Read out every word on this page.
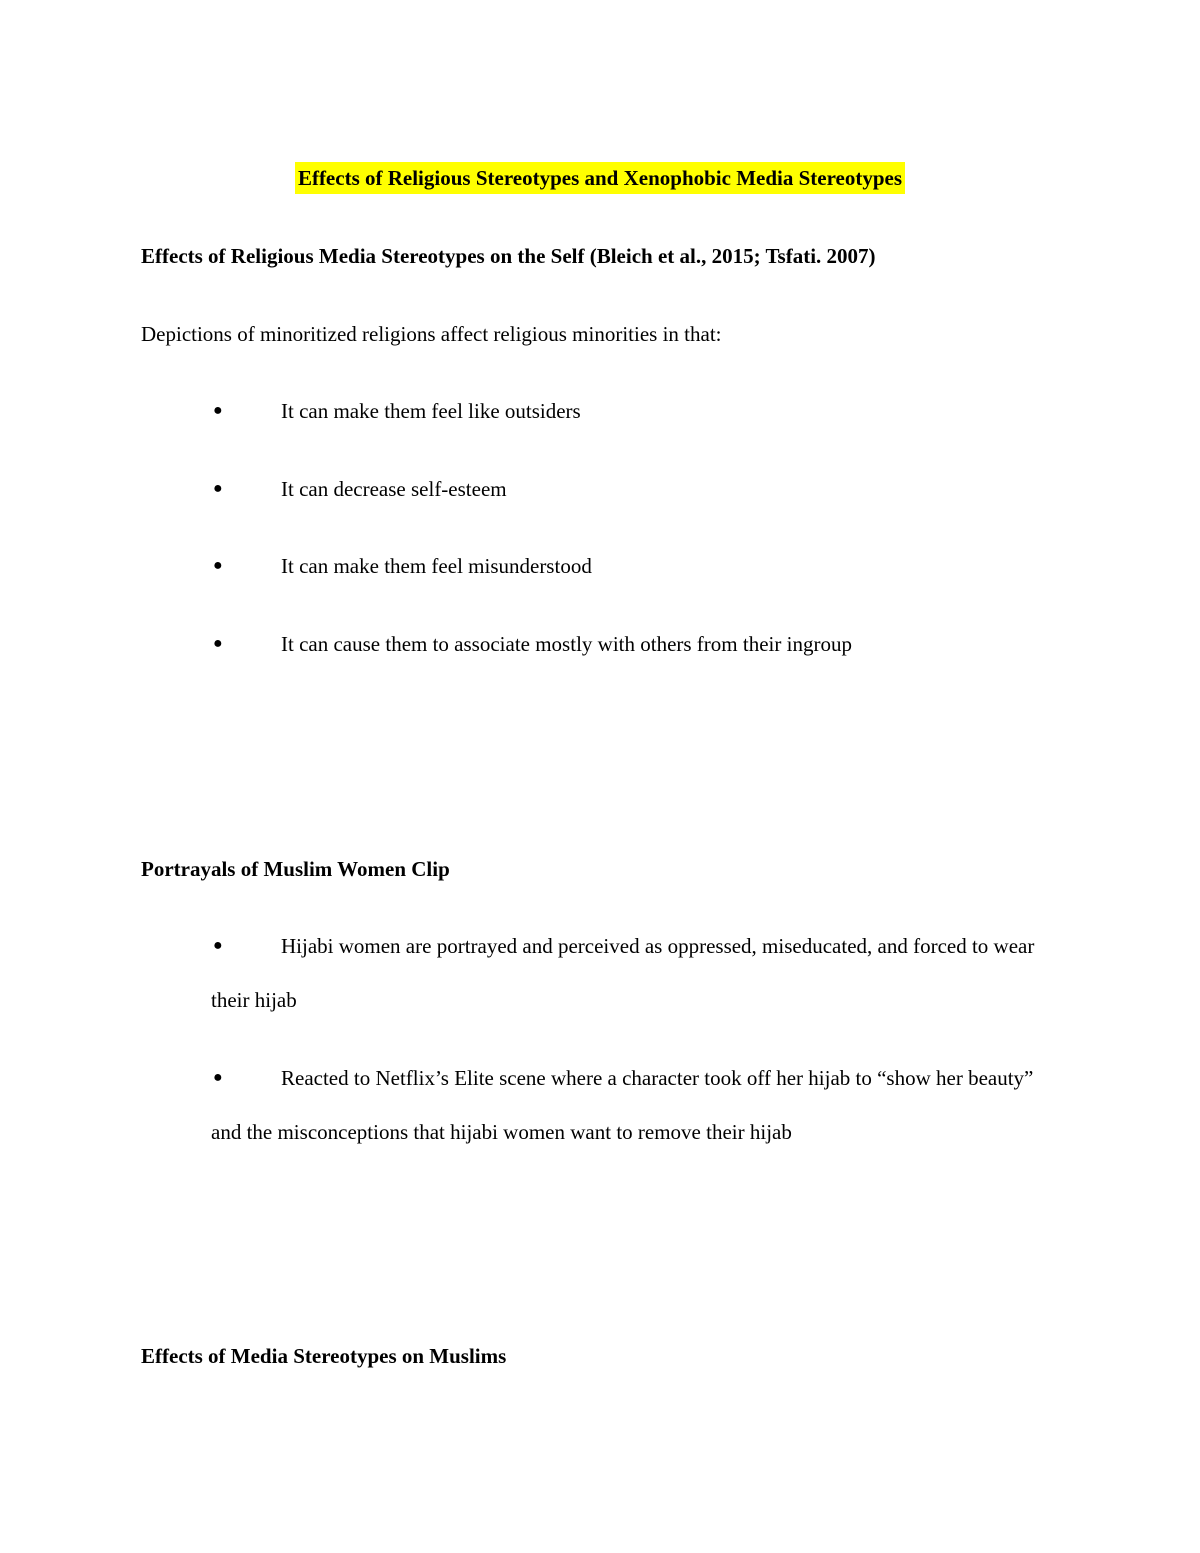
Effects of Religious Stereotypes and Xenophobic Media Stereotypes
Effects of Religious Media Stereotypes on the Self (Bleich et al., 2015; Tsfati. 2007)
Depictions of minoritized religions affect religious minorities in that:
●	It can make them feel like outsiders
●	It can decrease self-esteem
●	It can make them feel misunderstood
●	It can cause them to associate mostly with others from their ingroup
Portrayals of Muslim Women Clip
●	Hijabi women are portrayed and perceived as oppressed, miseducated, and forced to wear their hijab
●	Reacted to Netflix’s Elite scene where a character took off her hijab to “show her beauty” and the misconceptions that hijabi women want to remove their hijab
Effects of Media Stereotypes on Muslims
